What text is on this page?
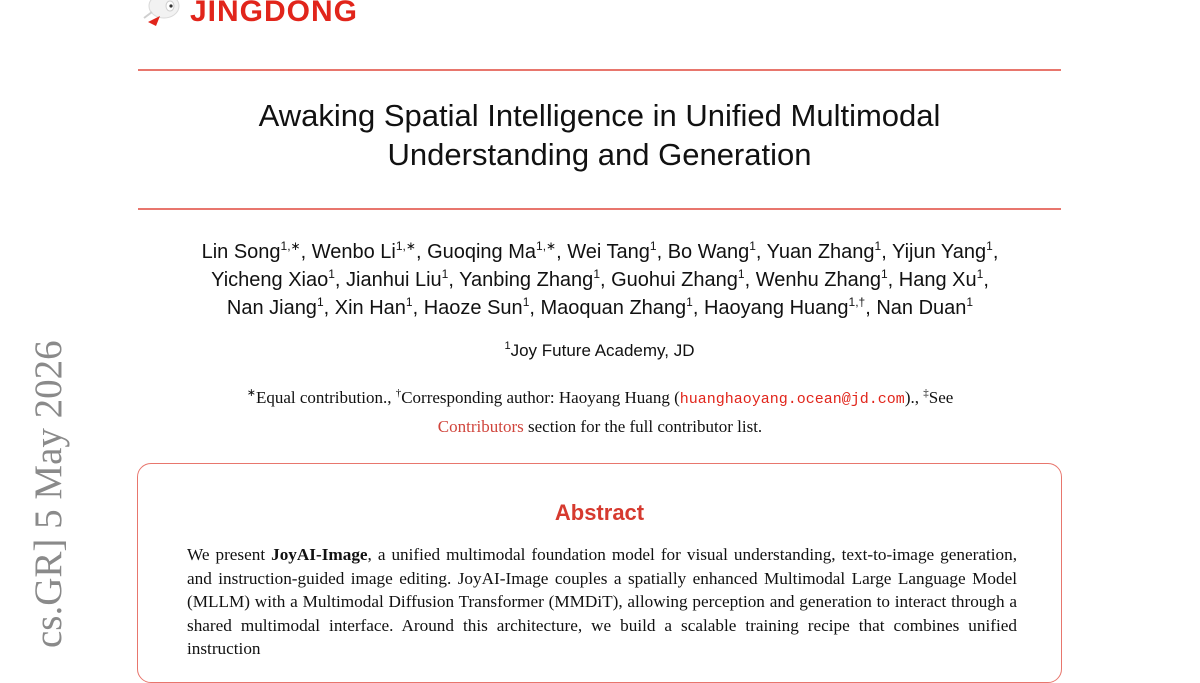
cs.GR] 5 May 2026
JINGDONG
Awaking Spatial Intelligence in Unified Multimodal
Understanding and Generation
Lin Song$^{1,∗}$, Wenbo $Li^{1,∗}$, Guoqing $Ma^{1,∗}$, Wei Tang$^1$, Bo Wang$^1$, Yuan Zhang$^1$, Yijun Yang$^1$,
Yicheng Xiao$^1$, Jianhui Liu$^1$, Yanbing Zhang$^1$, Guohui Zhang$^1$, Wenhu Zhang$^1$, Hang Xu$^1$,
Nan Jiang$^1$, Xin Han$^1$, Haoze Sun$^1$, Maoquan Zhang$^1$, Haoyang Huang$^{1,\dagger}$, Nan Duan$^1$
$^1$Joy Future Academy, JD
∗Equal contribution., †Corresponding author: Haoyang Huang (huanghaoyang.ocean@jd.com)., ‡See
Contributors section for the full contributor list.
Abstract
We present JoyAI-Image, a unified multimodal foundation model for visual understanding, text-to-image generation, and instruction-guided image editing. JoyAI-Image couples a spatially enhanced Multimodal Large Language Model (MLLM) with a Multimodal Diffusion Transformer (MMDiT), allowing perception and generation to interact through a shared multimodal interface. Around this architecture, we build a scalable training recipe that combines unified instruction
